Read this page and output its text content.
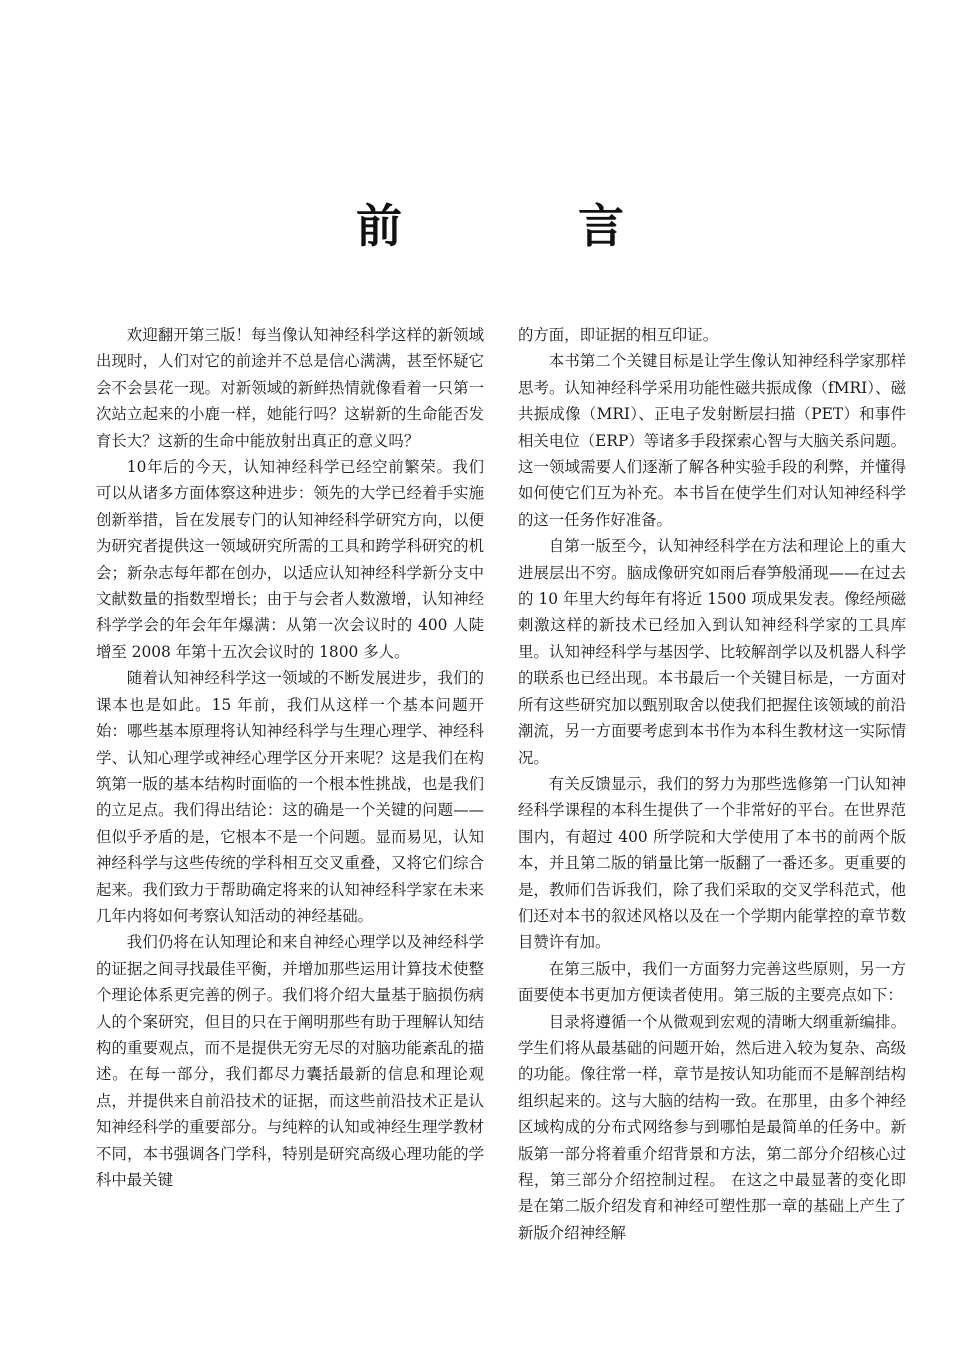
前 言

欢迎翻开第三版！每当像认知神经科学这样的新领域出现时，人们对它的前途并不总是信心满满，甚至怀疑它会不会昙花一现。对新领域的新鲜热情就像看着一只第一次站立起来的小鹿一样，她能行吗？这崭新的生命能否发育长大？这新的生命中能放射出真正的意义吗？

10年后的今天，认知神经科学已经空前繁荣。我们可以从诸多方面体察这种进步：领先的大学已经着手实施创新举措，旨在发展专门的认知神经科学研究方向，以便为研究者提供这一领域研究所需的工具和跨学科研究的机会；新杂志每年都在创办，以适应认知神经科学新分支中文献数量的指数型增长；由于与会者人数激增，认知神经科学学会的年会年年爆满：从第一次会议时的 400 人陡增至 2008 年第十五次会议时的 1800 多人。

随着认知神经科学这一领域的不断发展进步，我们的课本也是如此。15 年前，我们从这样一个基本问题开始：哪些基本原理将认知神经科学与生理心理学、神经科学、认知心理学或神经心理学区分开来呢？这是我们在构筑第一版的基本结构时面临的一个根本性挑战，也是我们的立足点。我们得出结论：这的确是一个关键的问题——但似乎矛盾的是，它根本不是一个问题。显而易见，认知神经科学与这些传统的学科相互交叉重叠，又将它们综合起来。我们致力于帮助确定将来的认知神经科学家在未来几年内将如何考察认知活动的神经基础。

我们仍将在认知理论和来自神经心理学以及神经科学的证据之间寻找最佳平衡，并增加那些运用计算技术使整个理论体系更完善的例子。我们将介绍大量基于脑损伤病人的个案研究，但目的只在于阐明那些有助于理解认知结构的重要观点，而不是提供无穷无尽的对脑功能紊乱的描述。在每一部分，我们都尽力囊括最新的信息和理论观点，并提供来自前沿技术的证据，而这些前沿技术正是认知神经科学的重要部分。与纯粹的认知或神经生理学教材不同，本书强调各门学科，特别是研究高级心理功能的学科中最关键

的方面，即证据的相互印证。

本书第二个关键目标是让学生像认知神经科学家那样思考。认知神经科学采用功能性磁共振成像（fMRI）、磁共振成像（MRI）、正电子发射断层扫描（PET）和事件相关电位（ERP）等诸多手段探索心智与大脑关系问题。这一领域需要人们逐渐了解各种实验手段的利弊，并懂得如何使它们互为补充。本书旨在使学生们对认知神经科学的这一任务作好准备。

自第一版至今，认知神经科学在方法和理论上的重大进展层出不穷。脑成像研究如雨后春笋般涌现——在过去的 10 年里大约每年有将近 1500 项成果发表。像经颅磁刺激这样的新技术已经加入到认知神经科学家的工具库里。认知神经科学与基因学、比较解剖学以及机器人科学的联系也已经出现。本书最后一个关键目标是，一方面对所有这些研究加以甄别取舍以使我们把握住该领域的前沿潮流，另一方面要考虑到本书作为本科生教材这一实际情况。

有关反馈显示，我们的努力为那些选修第一门认知神经科学课程的本科生提供了一个非常好的平台。在世界范围内，有超过 400 所学院和大学使用了本书的前两个版本，并且第二版的销量比第一版翻了一番还多。更重要的是，教师们告诉我们，除了我们采取的交叉学科范式，他们还对本书的叙述风格以及在一个学期内能掌控的章节数目赞许有加。

在第三版中，我们一方面努力完善这些原则，另一方面要使本书更加方便读者使用。第三版的主要亮点如下：

目录将遵循一个从微观到宏观的清晰大纲重新编排。学生们将从最基础的问题开始，然后进入较为复杂、高级的功能。像往常一样，章节是按认知功能而不是解剖结构组织起来的。这与大脑的结构一致。在那里，由多个神经区域构成的分布式网络参与到哪怕是最简单的任务中。新版第一部分将着重介绍背景和方法，第二部分介绍核心过程，第三部分介绍控制过程。 在这之中最显著的变化即是在第二版介绍发育和神经可塑性那一章的基础上产生了新版介绍神经解
